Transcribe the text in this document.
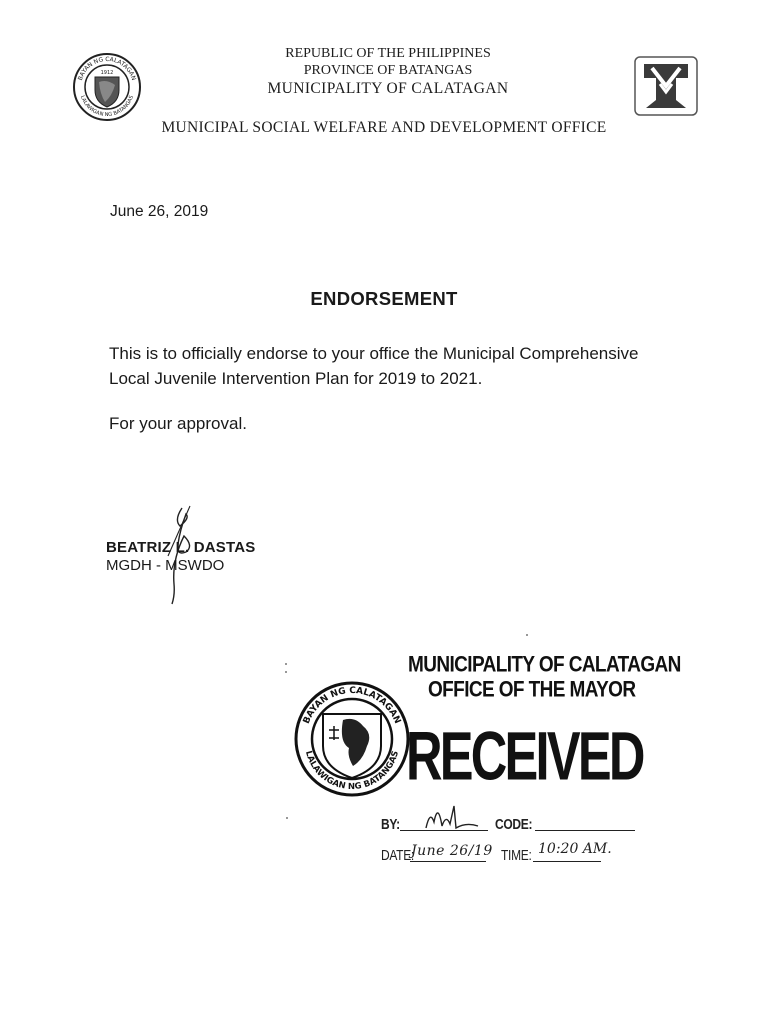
BAYAN NG CALATAGAN
LALAWIGAN NG BATANGAS
1912
REPUBLIC OF THE PHILIPPINES
PROVINCE OF BATANGAS
MUNICIPALITY OF CALATAGAN
MUNICIPAL SOCIAL WELFARE AND DEVELOPMENT OFFICE
June 26, 2019
ENDORSEMENT
This is to officially endorse to your office the Municipal Comprehensive
Local Juvenile Intervention Plan for 2019 to 2021.
For your approval.
BEATRIZ L. DASTAS
MGDH - MSWDO
MUNICIPALITY OF CALATAGAN
OFFICE OF THE MAYOR
BAYAN NG CALATAGAN
LALAWIGAN NG BATANGAS RECEIVED
BY:	CODE:
DATE:
June 26/19 TIME: 10:20 AM.
